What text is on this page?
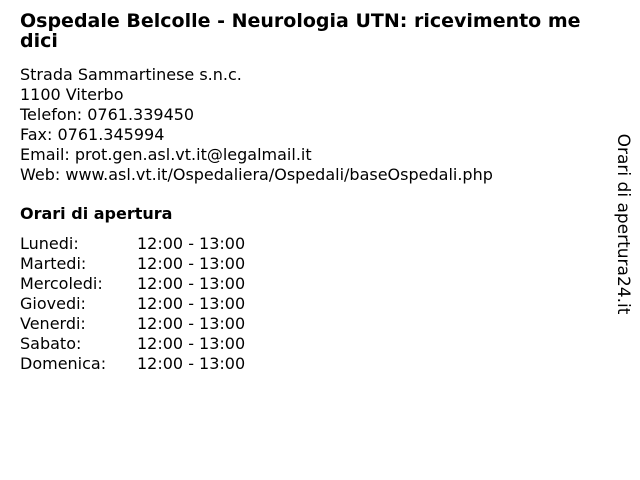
Ospedale Belcolle - Neurologia UTN: ricevimento medici
Strada Sammartinese s.n.c.
1100 Viterbo
Telefon: 0761.339450
Fax: 0761.345994
Email: prot.gen.asl.vt.it@legalmail.it
Web: www.asl.vt.it/Ospedaliera/Ospedali/baseOspedali.php
Orari di apertura
Lunedi:	12:00 - 13:00
Martedi:	12:00 - 13:00
Mercoledi: 12:00 - 13:00
Giovedi:	12:00 - 13:00
Venerdi:	12:00 - 13:00
Sabato:	12:00 - 13:00
Domenica: 12:00 - 13:00
Orari di apertura24.it
